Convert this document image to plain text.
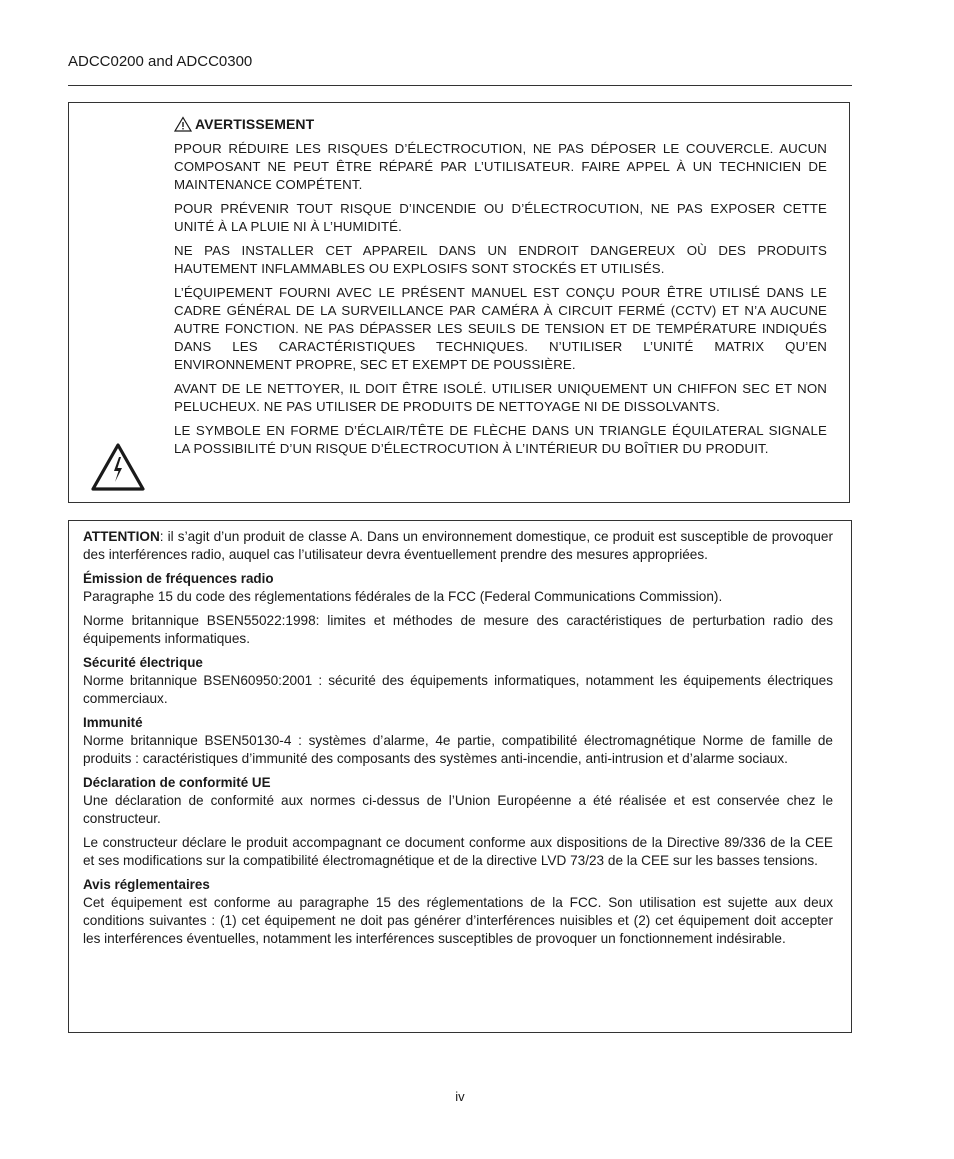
ADCC0200 and ADCC0300
AVERTISSEMENT

PPOUR RÉDUIRE LES RISQUES D’ÉLECTROCUTION, NE PAS DÉPOSER LE COUVERCLE. AUCUN COMPOSANT NE PEUT ÊTRE RÉPARÉ PAR L’UTILISATEUR. FAIRE APPEL À UN TECHNICIEN DE MAINTENANCE COMPÉTENT.

POUR PRÉVENIR TOUT RISQUE D’INCENDIE OU D’ÉLECTROCUTION, NE PAS EXPOSER CETTE UNITÉ À LA PLUIE NI À L’HUMIDITÉ.

NE PAS INSTALLER CET APPAREIL DANS UN ENDROIT DANGEREUX OÙ DES PRODUITS HAUTEMENT INFLAMMABLES OU EXPLOSIFS SONT STOCKÉS ET UTILISÉS.

L’ÉQUIPEMENT FOURNI AVEC LE PRÉSENT MANUEL EST CONÇU POUR ÊTRE UTILISÉ DANS LE CADRE GÉNÉRAL DE LA SURVEILLANCE PAR CAMÉRA À CIRCUIT FERMÉ (CCTV) ET N’A AUCUNE AUTRE FONCTION. NE PAS DÉPASSER LES SEUILS DE TENSION ET DE TEMPÉRATURE INDIQUÉS DANS LES CARACTÉRISTIQUES TECHNIQUES. N’UTILISER L’UNITÉ MATRIX QU’EN ENVIRONNEMENT PROPRE, SEC ET EXEMPT DE POUSSIÈRE.

AVANT DE LE NETTOYER, IL DOIT ÊTRE ISOLÉ. UTILISER UNIQUEMENT UN CHIFFON SEC ET NON PELUCHEUX. NE PAS UTILISER DE PRODUITS DE NETTOYAGE NI DE DISSOLVANTS.

LE SYMBOLE EN FORME D’ÉCLAIR/TÊTE DE FLÈCHE DANS UN TRIANGLE ÉQUILATERAL SIGNALE LA POSSIBILITÉ D’UN RISQUE D’ÉLECTROCUTION À L’INTÉRIEUR DU BOÎTIER DU PRODUIT.

ATTENTION: il s’agit d’un produit de classe A. Dans un environnement domestique, ce produit est susceptible de provoquer des interférences radio, auquel cas l’utilisateur devra éventuellement prendre des mesures appropriées.

Émission de fréquences radio

Paragraphe 15 du code des réglementations fédérales de la FCC (Federal Communications Commission).

Norme britannique BSEN55022:1998: limites et méthodes de mesure des caractéristiques de perturbation radio des équipements informatiques.

Sécurité électrique

Norme britannique BSEN60950:2001 : sécurité des équipements informatiques, notamment les équipements électriques commerciaux.

Immunité

Norme britannique BSEN50130-4 : systèmes d’alarme, 4e partie, compatibilité électromagnétique Norme de famille de produits : caractéristiques d’immunité des composants des systèmes anti-incendie, anti-intrusion et d’alarme sociaux.

Déclaration de conformité UE

Une déclaration de conformité aux normes ci-dessus de l’Union Européenne a été réalisée et est conservée chez le constructeur.

Le constructeur déclare le produit accompagnant ce document conforme aux dispositions de la Directive 89/336 de la CEE et ses modifications sur la compatibilité électromagnétique et de la directive LVD 73/23 de la CEE sur les basses tensions.

Avis réglementaires

Cet équipement est conforme au paragraphe 15 des réglementations de la FCC. Son utilisation est sujette aux deux conditions suivantes : (1) cet équipement ne doit pas générer d’interférences nuisibles et (2) cet équipement doit accepter les interférences éventuelles, notamment les interférences susceptibles de provoquer un fonctionnement indésirable.

iv
